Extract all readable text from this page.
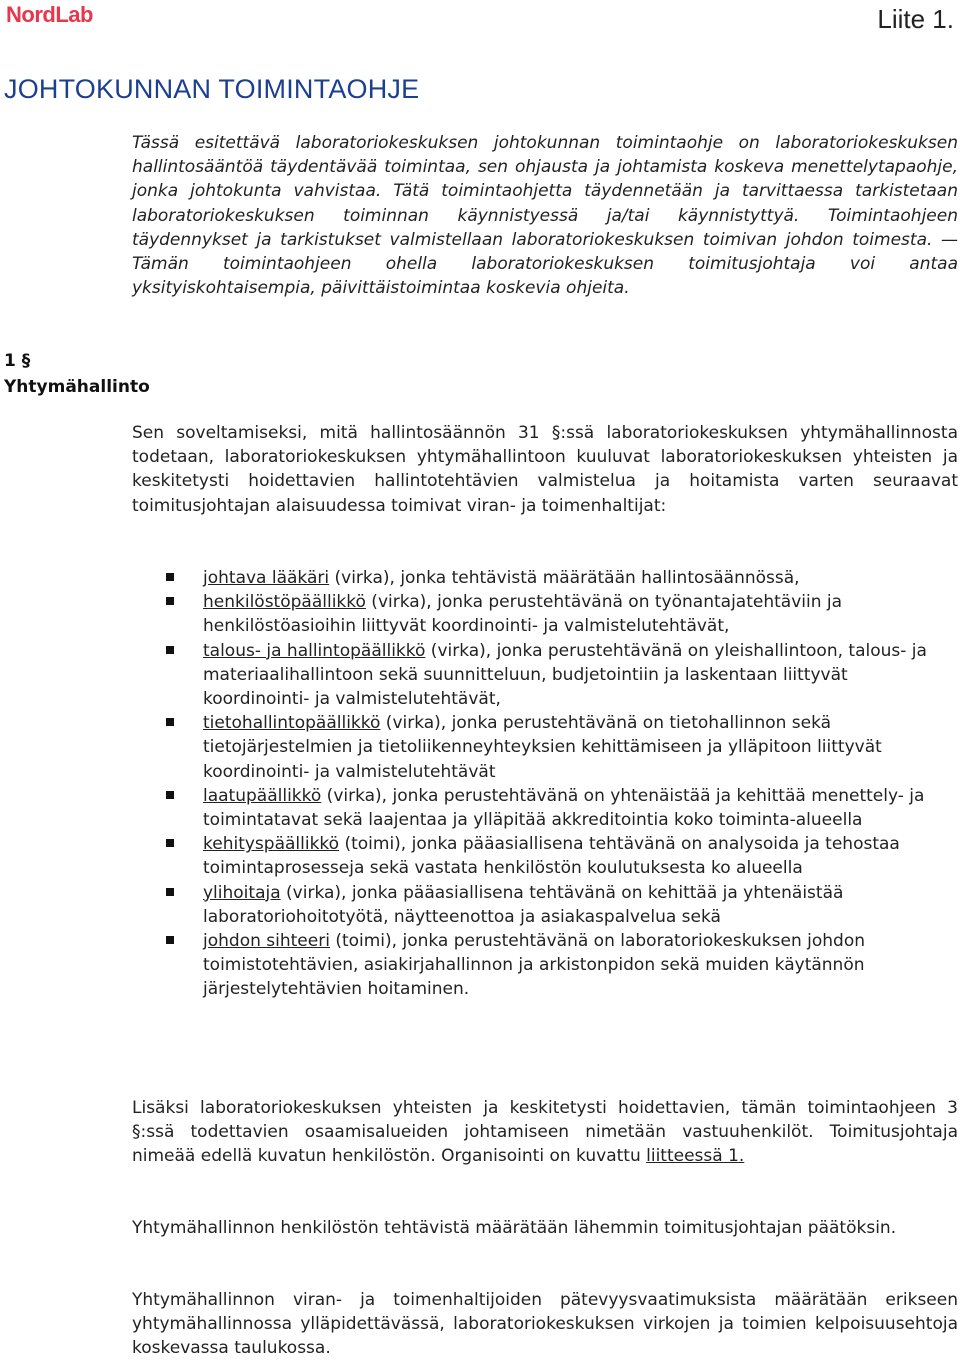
NordLab	Liite 1.
JOHTOKUNNAN TOIMINTAOHJE

Tässä esitettävä laboratoriokeskuksen johtokunnan toimintaohje on laboratoriokeskuksen hallintosääntöä täydentävää toimintaa, sen ohjausta ja johtamista koskeva menettelytapaohje, jonka johtokunta vahvistaa. Tätä toimintaohjetta täydennetään ja tarvittaessa tarkistetaan laboratoriokeskuksen toiminnan käynnistyessä ja/tai käynnistyttyä. Toimintaohjeen täydennykset ja tarkistukset valmistellaan laboratoriokeskuksen toimivan johdon toimesta. — Tämän toimintaohjeen ohella laboratoriokeskuksen toimitusjohtaja voi antaa yksityiskohtaisempia, päivittäistoimintaa koskevia ohjeita.

1 §
Yhtymähallinto

Sen soveltamiseksi, mitä hallintosäännön 31 §:ssä laboratoriokeskuksen yhtymähallinnosta todetaan, laboratoriokeskuksen yhtymähallintoon kuuluvat laboratoriokeskuksen yhteisten ja keskitetysti hoidettavien hallintotehtävien valmistelua ja hoitamista varten seuraavat toimitusjohtajan alaisuudessa toimivat viran- ja toimenhaltijat:

johtava lääkäri (virka), jonka tehtävistä määrätään hallintosäännössä,
henkilöstöpäällikkö (virka), jonka perustehtävänä on työnantajatehtäviin ja henkilöstöasioihin liittyvät koordinointi- ja valmistelutehtävät,
talous- ja hallintopäällikkö (virka), jonka perustehtävänä on yleishallintoon, talous- ja materiaalihallintoon sekä suunnitteluun, budjetointiin ja laskentaan liittyvät koordinointi- ja valmistelutehtävät,
tietohallintopäällikkö (virka), jonka perustehtävänä on tietohallinnon sekä tietojärjestelmien ja tietoliikenneyhteyksien kehittämiseen ja ylläpitoon liittyvät koordinointi- ja valmistelutehtävät
laatupäällikkö (virka), jonka perustehtävänä on yhtenäistää ja kehittää menettely- ja toimintatavat sekä laajentaa ja ylläpitää akkreditointia koko toiminta-alueella
kehityspäällikkö (toimi), jonka pääasiallisena tehtävänä on analysoida ja tehostaa toimintaprosesseja sekä vastata henkilöstön koulutuksesta ko alueella
ylihoitaja (virka), jonka pääasiallisena tehtävänä on kehittää ja yhtenäistää laboratoriohoitotyötä, näytteenottoa ja asiakaspalvelua sekä
johdon sihteeri (toimi), jonka perustehtävänä on laboratoriokeskuksen johdon toimistotehtävien, asiakirjahallinnon ja arkistonpidon sekä muiden käytännön järjestelytehtävien hoitaminen.

Lisäksi laboratoriokeskuksen yhteisten ja keskitetysti hoidettavien, tämän toimintaohjeen 3 §:ssä todettavien osaamisalueiden johtamiseen nimetään vastuuhenkilöt. Toimitusjohtaja nimeää edellä kuvatun henkilöstön. Organisointi on kuvattu liitteessä 1.

Yhtymähallinnon henkilöstön tehtävistä määrätään lähemmin toimitusjohtajan päätöksin.

Yhtymähallinnon viran- ja toimenhaltijoiden pätevyysvaatimuksista määrätään erikseen yhtymähallinnossa ylläpidettävässä, laboratoriokeskuksen virkojen ja toimien kelpoisuusehtoja koskevassa taulukossa.
